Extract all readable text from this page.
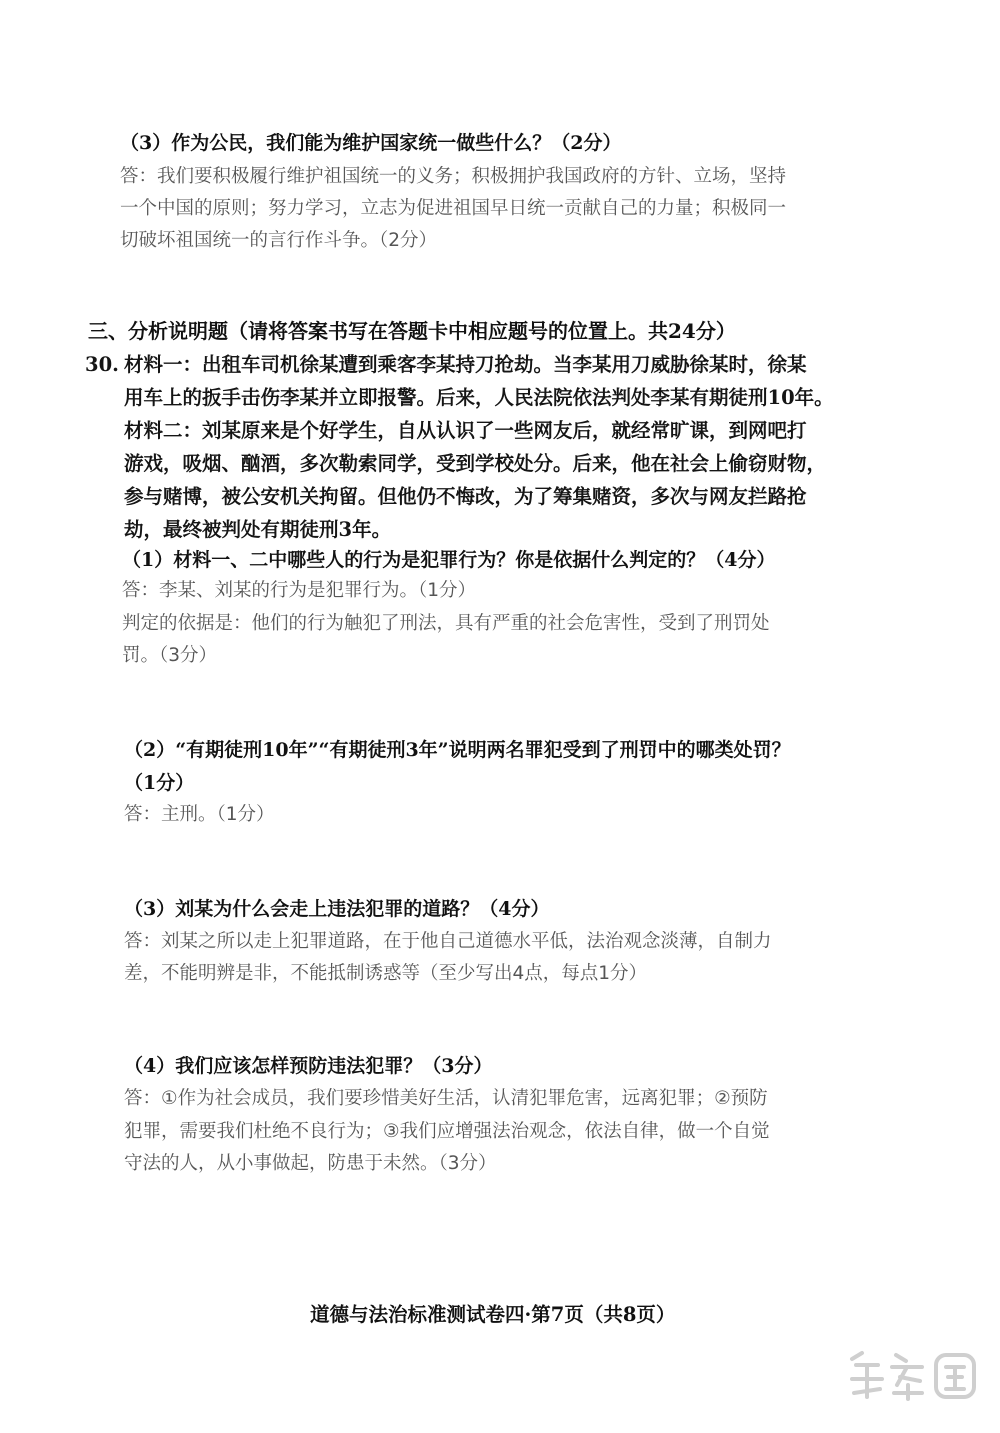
（3）作为公民，我们能为维护国家统一做些什么？（2分）
答：我们要积极履行维护祖国统一的义务；积极拥护我国政府的方针、立场，坚持
一个中国的原则；努力学习，立志为促进祖国早日统一贡献自己的力量；积极同一
切破坏祖国统一的言行作斗争。（2分）
三、分析说明题（请将答案书写在答题卡中相应题号的位置上。共24分）
30. 材料一：出租车司机徐某遭到乘客李某持刀抢劫。当李某用刀威胁徐某时，徐某
用车上的扳手击伤李某并立即报警。后来，人民法院依法判处李某有期徒刑10年。
材料二：刘某原来是个好学生，自从认识了一些网友后，就经常旷课，到网吧打
游戏，吸烟、酗酒，多次勒索同学，受到学校处分。后来，他在社会上偷窃财物，
参与赌博，被公安机关拘留。但他仍不悔改，为了筹集赌资，多次与网友拦路抢
劫，最终被判处有期徒刑3年。
（1）材料一、二中哪些人的行为是犯罪行为？你是依据什么判定的？（4分）
答：李某、刘某的行为是犯罪行为。（1分）
判定的依据是：他们的行为触犯了刑法，具有严重的社会危害性，受到了刑罚处
罚。（3分）
（2）“有期徒刑10年”“有期徒刑3年”说明两名罪犯受到了刑罚中的哪类处罚？
（1分）
答：主刑。（1分）
（3）刘某为什么会走上违法犯罪的道路？（4分）
答：刘某之所以走上犯罪道路，在于他自己道德水平低，法治观念淡薄，自制力
差，不能明辨是非，不能抵制诱惑等（至少写出4点，每点1分）
（4）我们应该怎样预防违法犯罪？（3分）
答：①作为社会成员，我们要珍惜美好生活，认清犯罪危害，远离犯罪；②预防
犯罪，需要我们杜绝不良行为；③我们应增强法治观念，依法自律，做一个自觉
守法的人，从小事做起，防患于未然。（3分）
道德与法治标准测试卷四·第7页（共8页）
